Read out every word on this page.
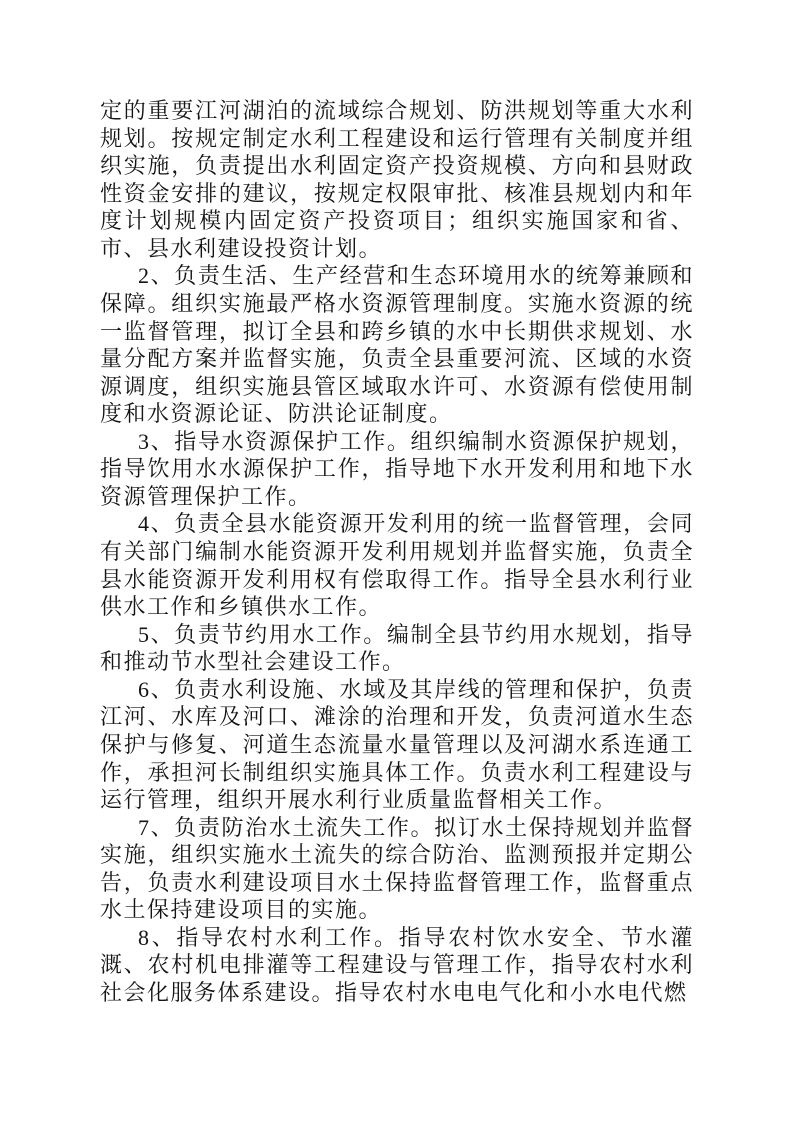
定的重要江河湖泊的流域综合规划、防洪规划等重大水利规划。按规定制定水利工程建设和运行管理有关制度并组织实施，负责提出水利固定资产投资规模、方向和县财政性资金安排的建议，按规定权限审批、核准县规划内和年度计划规模内固定资产投资项目；组织实施国家和省、市、县水利建设投资计划。

2、负责生活、生产经营和生态环境用水的统筹兼顾和保障。组织实施最严格水资源管理制度。实施水资源的统一监督管理，拟订全县和跨乡镇的水中长期供求规划、水量分配方案并监督实施，负责全县重要河流、区域的水资源调度，组织实施县管区域取水许可、水资源有偿使用制度和水资源论证、防洪论证制度。

3、指导水资源保护工作。组织编制水资源保护规划，指导饮用水水源保护工作，指导地下水开发利用和地下水资源管理保护工作。

4、负责全县水能资源开发利用的统一监督管理，会同有关部门编制水能资源开发利用规划并监督实施，负责全县水能资源开发利用权有偿取得工作。指导全县水利行业供水工作和乡镇供水工作。

5、负责节约用水工作。编制全县节约用水规划，指导和推动节水型社会建设工作。

6、负责水利设施、水域及其岸线的管理和保护，负责江河、水库及河口、滩涂的治理和开发，负责河道水生态保护与修复、河道生态流量水量管理以及河湖水系连通工作，承担河长制组织实施具体工作。负责水利工程建设与运行管理，组织开展水利行业质量监督相关工作。

7、负责防治水土流失工作。拟订水土保持规划并监督实施，组织实施水土流失的综合防治、监测预报并定期公告，负责水利建设项目水土保持监督管理工作，监督重点水土保持建设项目的实施。

8、指导农村水利工作。指导农村饮水安全、节水灌溉、农村机电排灌等工程建设与管理工作，指导农村水利社会化服务体系建设。指导农村水电电气化和小水电代燃
